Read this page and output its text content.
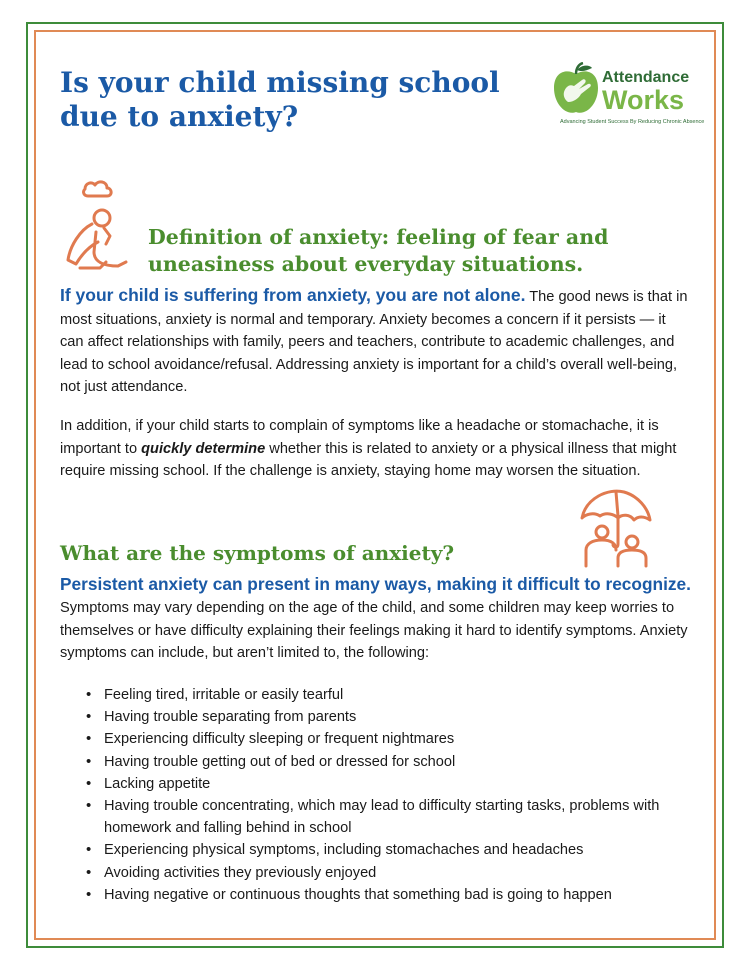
Is your child missing school due to anxiety?
Attendance
Works
Advancing Student Success By Reducing Chronic Absence
Definition of anxiety: feeling of fear and uneasiness about everyday situations.

If your child is suffering from anxiety, you are not alone. The good news is that in most situations, anxiety is normal and temporary. Anxiety becomes a concern if it persists — it can affect relationships with family, peers and teachers, contribute to academic challenges, and lead to school avoidance/refusal. Addressing anxiety is important for a child’s overall well-being, not just attendance.

In addition, if your child starts to complain of symptoms like a headache or stomachache, it is important to quickly determine whether this is related to anxiety or a physical illness that might require missing school. If the challenge is anxiety, staying home may worsen the situation.

What are the symptoms of anxiety?

Persistent anxiety can present in many ways, making it difficult to recognize.

Symptoms may vary depending on the age of the child, and some children may keep worries to themselves or have difficulty explaining their feelings making it hard to identify symptoms. Anxiety symptoms can include, but aren’t limited to, the following:

• Feeling tired, irritable or easily tearful
• Having trouble separating from parents
• Experiencing difficulty sleeping or frequent nightmares
• Having trouble getting out of bed or dressed for school
• Lacking appetite
• Having trouble concentrating, which may lead to difficulty starting tasks, problems with homework and falling behind in school
• Experiencing physical symptoms, including stomachaches and headaches
• Avoiding activities they previously enjoyed
• Having negative or continuous thoughts that something bad is going to happen
